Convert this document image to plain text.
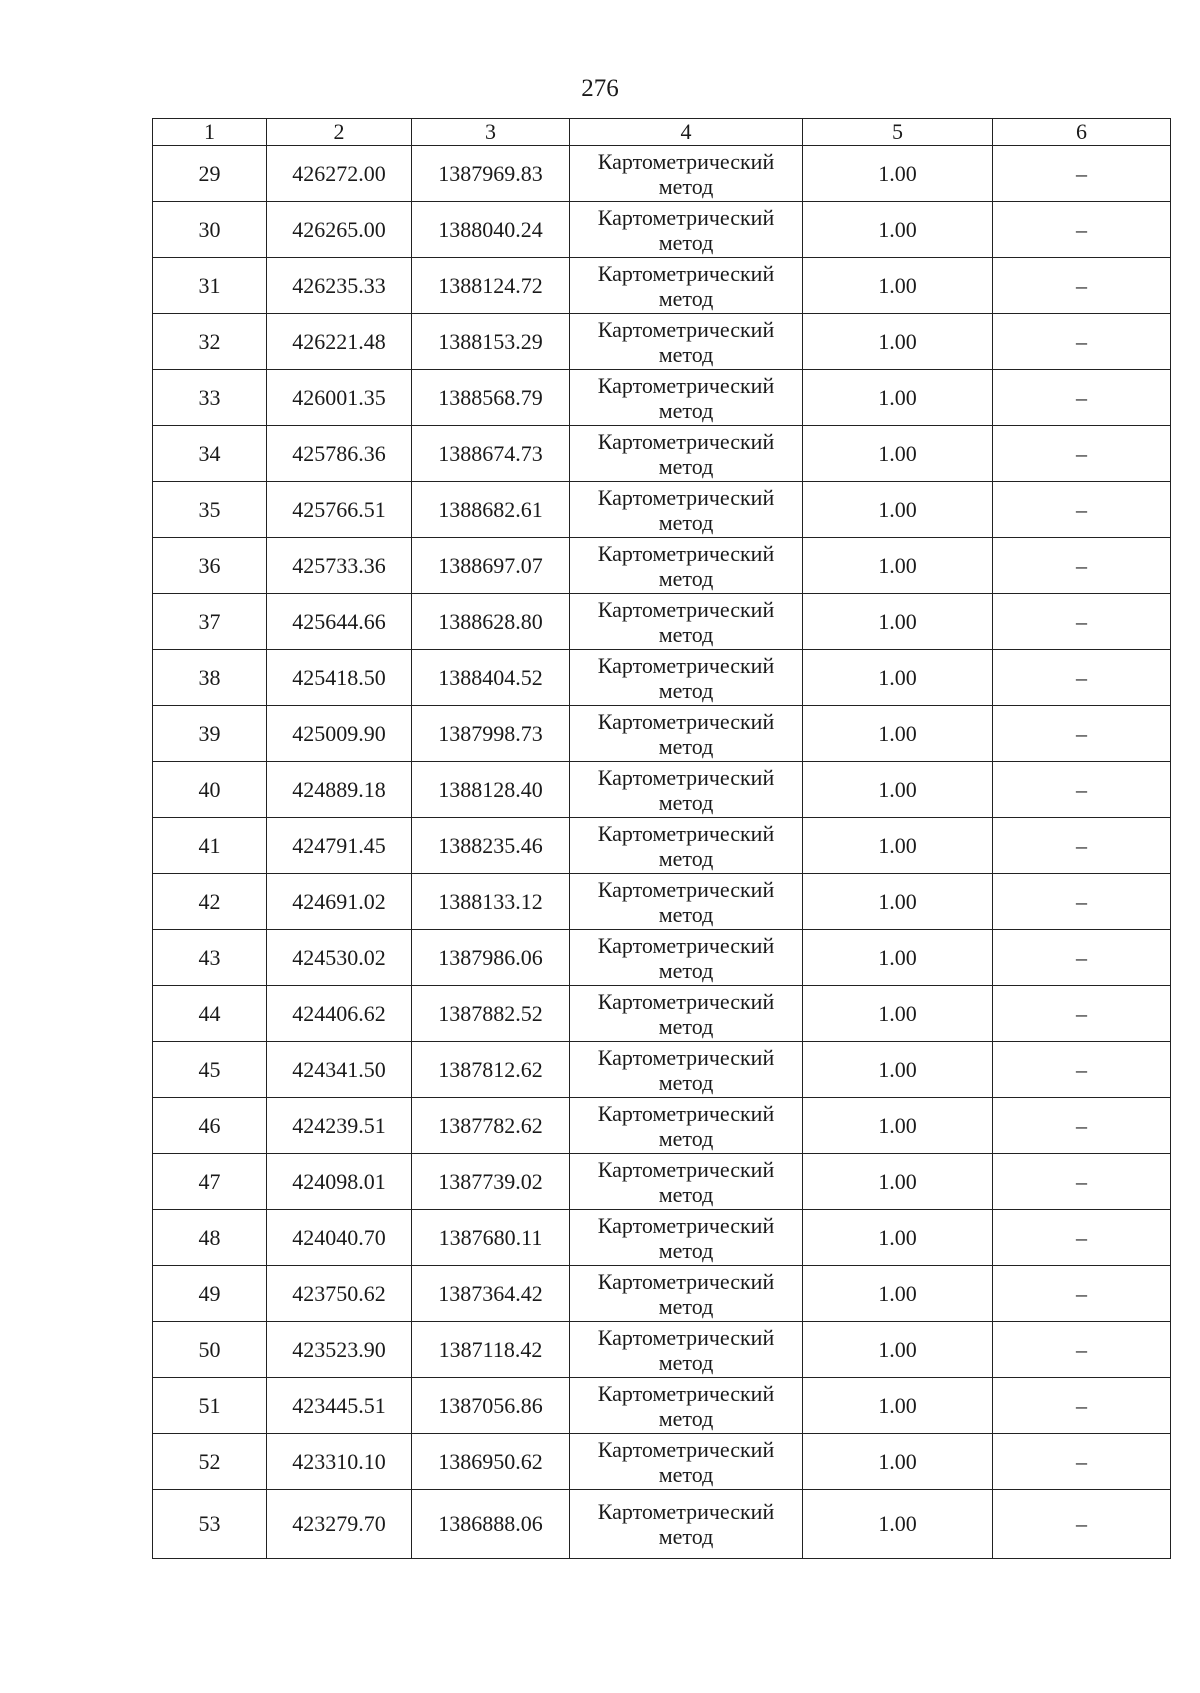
276
1	2	3	4	5	6
29	426272.00	1387969.83	Картометрический метод	1.00	–
30	426265.00	1388040.24	Картометрический метод	1.00	–
31	426235.33	1388124.72	Картометрический метод	1.00	–
32	426221.48	1388153.29	Картометрический метод	1.00	–
33	426001.35	1388568.79	Картометрический метод	1.00	–
34	425786.36	1388674.73	Картометрический метод	1.00	–
35	425766.51	1388682.61	Картометрический метод	1.00	–
36	425733.36	1388697.07	Картометрический метод	1.00	–
37	425644.66	1388628.80	Картометрический метод	1.00	–
38	425418.50	1388404.52	Картометрический метод	1.00	–
39	425009.90	1387998.73	Картометрический метод	1.00	–
40	424889.18	1388128.40	Картометрический метод	1.00	–
41	424791.45	1388235.46	Картометрический метод	1.00	–
42	424691.02	1388133.12	Картометрический метод	1.00	–
43	424530.02	1387986.06	Картометрический метод	1.00	–
44	424406.62	1387882.52	Картометрический метод	1.00	–
45	424341.50	1387812.62	Картометрический метод	1.00	–
46	424239.51	1387782.62	Картометрический метод	1.00	–
47	424098.01	1387739.02	Картометрический метод	1.00	–
48	424040.70	1387680.11	Картометрический метод	1.00	–
49	423750.62	1387364.42	Картометрический метод	1.00	–
50	423523.90	1387118.42	Картометрический метод	1.00	–
51	423445.51	1387056.86	Картометрический метод	1.00	–
52	423310.10	1386950.62	Картометрический метод	1.00	–
53	423279.70	1386888.06	Картометрический метод	1.00	–
